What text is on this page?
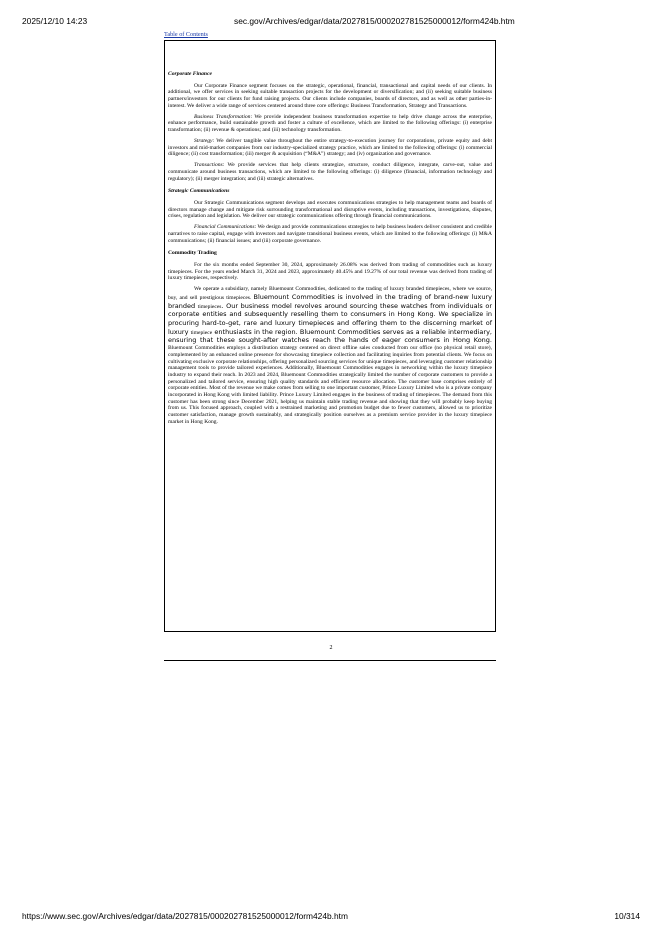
2025/12/10 14:23	sec.gov/Archives/edgar/data/2027815/000202781525000012/form424b.htm
Table of Contents
Corporate Finance

Our Corporate Finance segment focuses on the strategic, operational, financial, transactional and capital needs of our clients. In additional, we offer services in seeking suitable transaction projects for the development or diversification; and (ii) seeking suitable business partners/investors for our clients for fund raising projects. Our clients include companies, boards of directors, and as well as other parties-in-interest. We deliver a wide range of services centered around three core offerings: Business Transformation, Strategy and Transactions.

Business Transformation: We provide independent business transformation expertise to help drive change across the enterprise, enhance performance, build sustainable growth and foster a culture of excellence, which are limited to the following offerings: (i) enterprise transformation; (ii) revenue & operations; and (iii) technology transformation.

Strategy: We deliver tangible value throughout the entire strategy-to-execution journey for corporations, private equity and debt investors and mid-market companies from our industry-specialized strategy practice, which are limited to the following offerings: (i) commercial diligence; (ii) cost transformation; (iii) merger & acquisition (“M&A”) strategy; and (iv) organization and governance.

Transactions: We provide services that help clients strategize, structure, conduct diligence, integrate, carve-out, value and communicate around business transactions, which are limited to the following offerings: (i) diligence (financial, information technology and regulatory); (ii) merger integration; and (iii) strategic alternatives.

Strategic Communications

Our Strategic Communications segment develops and executes communications strategies to help management teams and boards of directors manage change and mitigate risk surrounding transformational and disruptive events, including transactions, investigations, disputes, crises, regulation and legislation. We deliver our strategic communications offering through financial communications.

Financial Communications: We design and provide communications strategies to help business leaders deliver consistent and credible narratives to raise capital, engage with investors and navigate transitional business events, which are limited to the following offerings: (i) M&A communications; (ii) financial issues; and (iii) corporate governance.

Commodity Trading

For the six months ended September 30, 2024, approximately 26.08% was derived from trading of commodities such as luxury timepieces. For the years ended March 31, 2024 and 2023, approximately 40.45% and 19.27% of our total revenue was derived from trading of luxury timepieces, respectively.

We operate a subsidiary, namely Bluemount Commodities, dedicated to the trading of luxury branded timepieces, where we source, buy, and sell prestigious timepieces. Bluemount Commodities is involved in the trading of brand-new luxury branded timepieces. Our business model revolves around sourcing these watches from individuals or corporate entities and subsequently reselling them to consumers in Hong Kong. We specialize in procuring hard-to-get, rare and luxury timepieces and offering them to the discerning market of luxury timepiece enthusiasts in the region. Bluemount Commodities serves as a reliable intermediary, ensuring that these sought-after watches reach the hands of eager consumers in Hong Kong. Bluemount Commodities employs a distribution strategy centered on direct offline sales conducted from our office (no physical retail store), complemented by an enhanced online presence for showcasing timepiece collection and facilitating inquiries from potential clients. We focus on cultivating exclusive corporate relationships, offering personalized sourcing services for unique timepieces, and leveraging customer relationship management tools to provide tailored experiences. Additionally, Bluemount Commodities engages in networking within the luxury timepiece industry to expand their reach. In 2023 and 2024, Bluemount Commodities strategically limited the number of corporate customers to provide a personalized and tailored service, ensuring high quality standards and efficient resource allocation. The customer base comprises entirely of corporate entities. Most of the revenue we make comes from selling to one important customer, Prince Luxury Limited who is a private company incorporated in Hong Kong with limited liability. Prince Luxury Limited engages in the business of trading of timepieces. The demand from this customer has been strong since December 2021, helping us maintain stable trading revenue and showing that they will probably keep buying from us. This focused approach, coupled with a restrained marketing and promotion budget due to fewer customers, allowed us to prioritize customer satisfaction, manage growth sustainably, and strategically position ourselves as a premium service provider in the luxury timepiece market in Hong Kong.

2
https://www.sec.gov/Archives/edgar/data/2027815/000202781525000012/form424b.htm	10/314
